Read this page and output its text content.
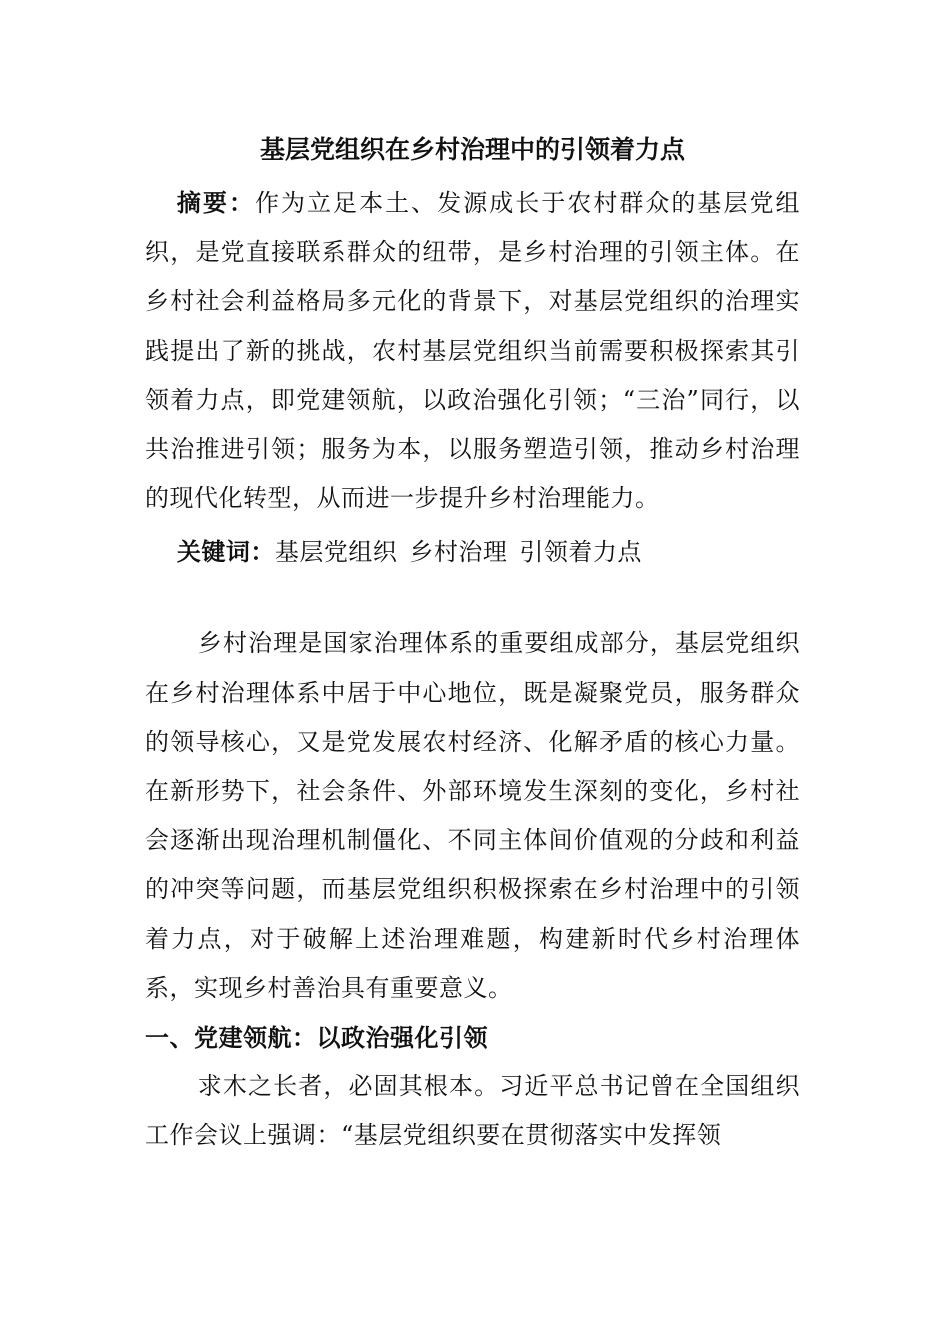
基层党组织在乡村治理中的引领着力点

摘要：作为立足本土、发源成长于农村群众的基层党组织，是党直接联系群众的纽带，是乡村治理的引领主体。在乡村社会利益格局多元化的背景下，对基层党组织的治理实践提出了新的挑战，农村基层党组织当前需要积极探索其引领着力点，即党建领航，以政治强化引领；“三治”同行，以共治推进引领；服务为本，以服务塑造引领，推动乡村治理的现代化转型，从而进一步提升乡村治理能力。

关键词：基层党组织 乡村治理 引领着力点

乡村治理是国家治理体系的重要组成部分，基层党组织在乡村治理体系中居于中心地位，既是凝聚党员，服务群众的领导核心，又是党发展农村经济、化解矛盾的核心力量。在新形势下，社会条件、外部环境发生深刻的变化，乡村社会逐渐出现治理机制僵化、不同主体间价值观的分歧和利益的冲突等问题，而基层党组织积极探索在乡村治理中的引领着力点，对于破解上述治理难题，构建新时代乡村治理体系，实现乡村善治具有重要意义。

一、党建领航：以政治强化引领

求木之长者，必固其根本。习近平总书记曾在全国组织工作会议上强调：“基层党组织要在贯彻落实中发挥领
